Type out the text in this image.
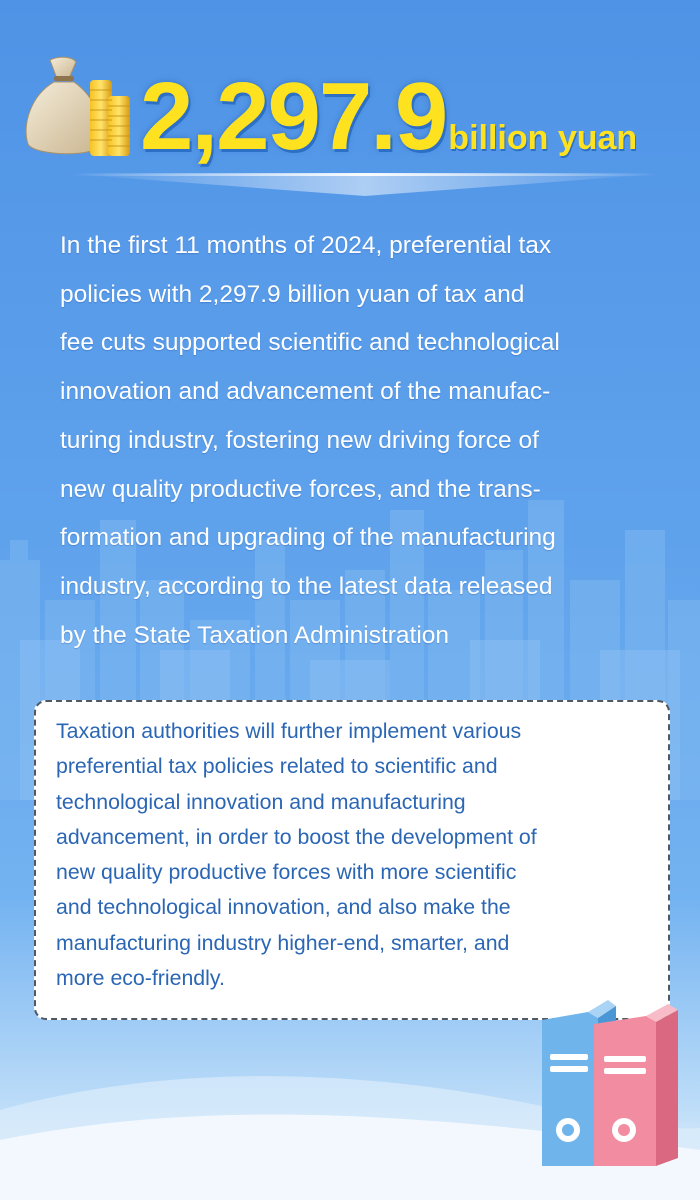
2,297.9billion yuan
In the first 11 months of 2024, preferential tax
policies with 2,297.9 billion yuan of tax and
fee cuts supported scientific and technological
innovation and advancement of the manufac-
turing industry, fostering new driving force of
new quality productive forces, and the trans-
formation and upgrading of the manufacturing
industry, according to the latest data released
by the State Taxation Administration
Taxation authorities will further implement various
preferential tax policies related to scientific and
technological innovation and manufacturing
advancement, in order to boost the development of
new quality productive forces with more scientific
and technological innovation, and also make the
manufacturing industry higher-end, smarter, and
more eco-friendly.
